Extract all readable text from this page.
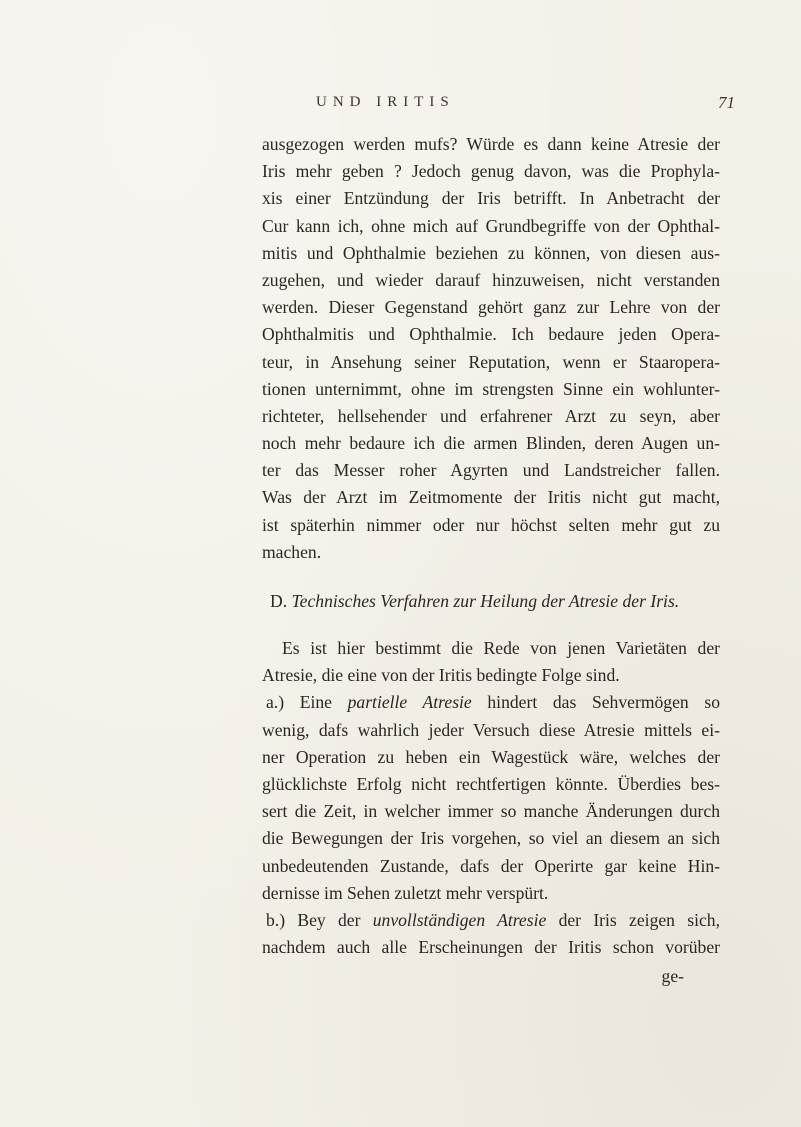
UND IRITIS	71
ausgezogen werden mufs? Würde es dann keine Atresie der
Iris mehr geben ? Jedoch genug davon, was die Prophyla-
xis einer Entzündung der Iris betrifft. In Anbetracht der
Cur kann ich, ohne mich auf Grundbegriffe von der Ophthal-
mitis und Ophthalmie beziehen zu können, von diesen aus-
zugehen, und wieder darauf hinzuweisen, nicht verstanden
werden. Dieser Gegenstand gehört ganz zur Lehre von der
Ophthalmitis und Ophthalmie. Ich bedaure jeden Opera-
teur, in Ansehung seiner Reputation, wenn er Staaropera-
tionen unternimmt, ohne im strengsten Sinne ein wohlunter-
richteter, hellsehender und erfahrener Arzt zu seyn, aber
noch mehr bedaure ich die armen Blinden, deren Augen un-
ter das Messer roher Agyrten und Landstreicher fallen.
Was der Arzt im Zeitmomente der Iritis nicht gut macht,
ist späterhin nimmer oder nur höchst selten mehr gut zu
machen.
D. Technisches Verfahren zur Heilung der Atresie der Iris.
Es ist hier bestimmt die Rede von jenen Varietäten der
Atresie, die eine von der Iritis bedingte Folge sind.
a.) Eine partielle Atresie hindert das Sehvermögen so
wenig, dafs wahrlich jeder Versuch diese Atresie mittels ei-
ner Operation zu heben ein Wagestück wäre, welches der
glücklichste Erfolg nicht rechtfertigen könnte. Überdies bes-
sert die Zeit, in welcher immer so manche Änderungen durch
die Bewegungen der Iris vorgehen, so viel an diesem an sich
unbedeutenden Zustande, dafs der Operirte gar keine Hin-
dernisse im Sehen zuletzt mehr verspürt.
b.) Bey der unvollständigen Atresie der Iris zeigen sich,
nachdem auch alle Erscheinungen der Iritis schon vorüber
ge-
